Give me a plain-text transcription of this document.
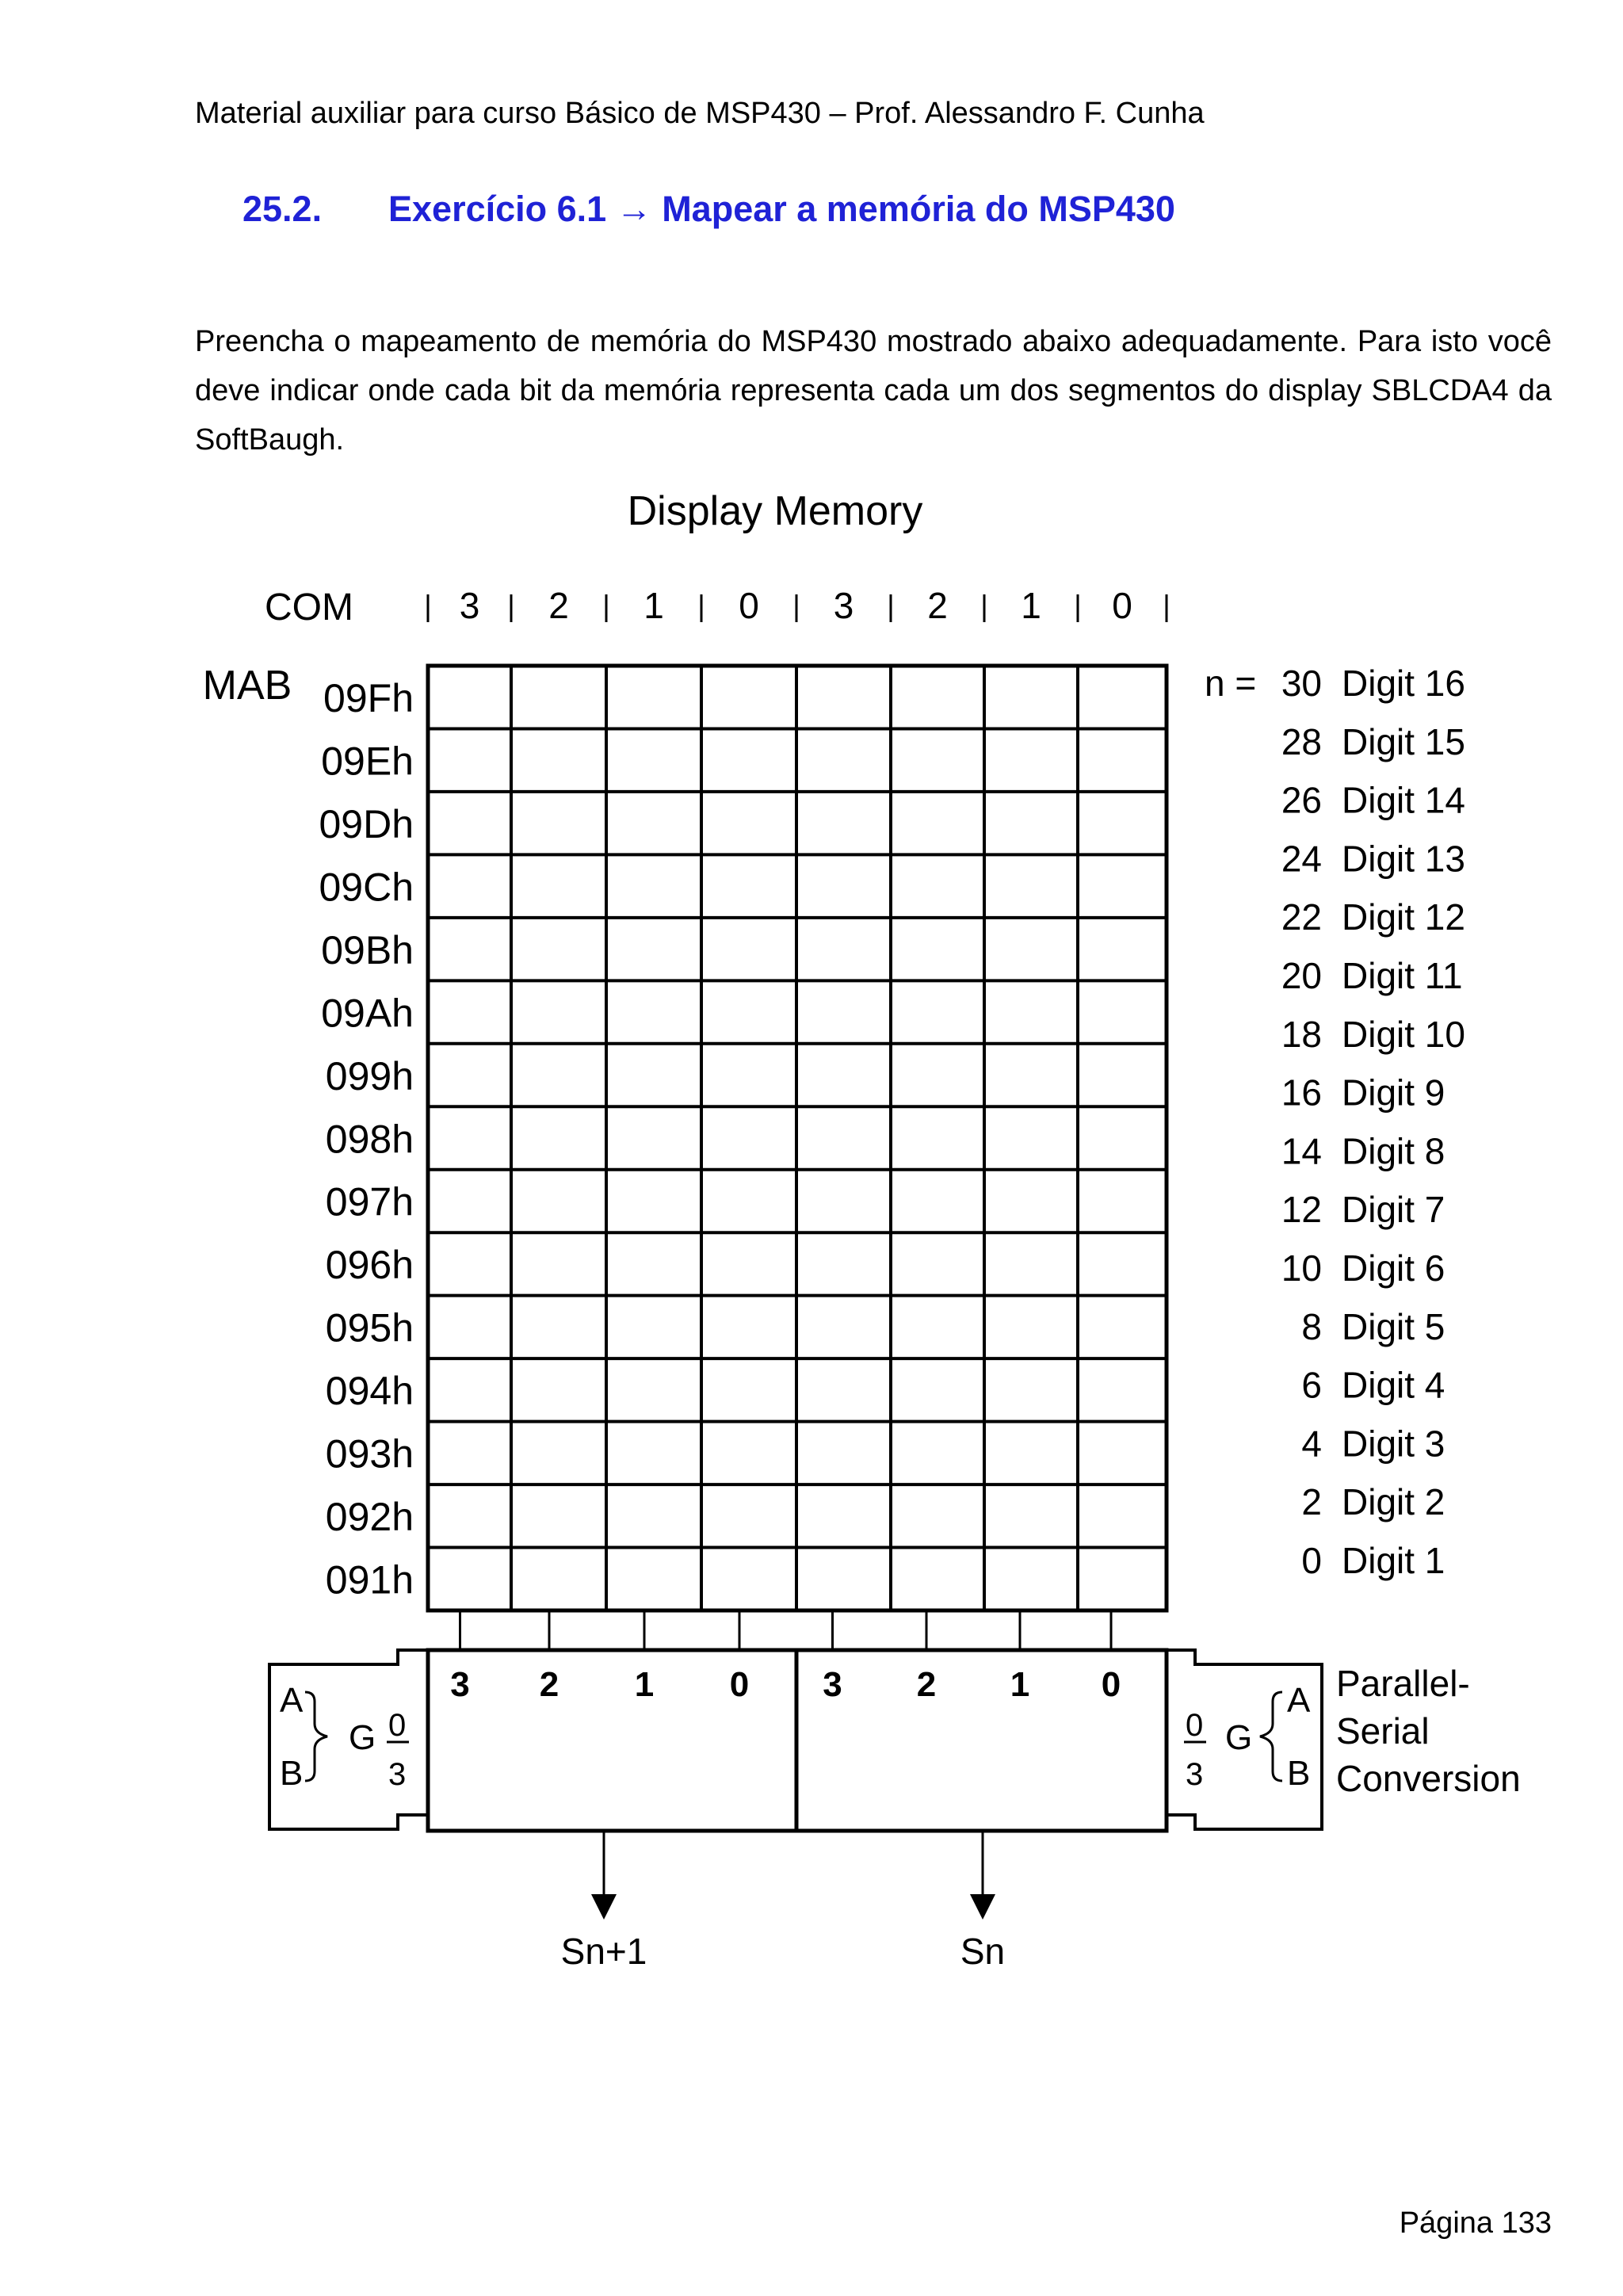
Material auxiliar para curso Básico de MSP430 – Prof. Alessandro F. Cunha
25.2. Exercício 6.1 → Mapear a memória do MSP430

Preencha o mapeamento de memória do MSP430 mostrado abaixo adequadamente. Para isto você deve indicar onde cada bit da memória representa cada um dos segmentos do display SBLCDA4 da SoftBaugh.

Display Memory
COM	3 2 1 0 3 2 1 0
MAB 09Fh
09Eh
09Dh
09Ch
09Bh
09Ah
099h
098h
097h
096h
095h
094h
093h
092h
091h
n = 30 Digit 16
28 Digit 15
26 Digit 14
24 Digit 13
22 Digit 12
20 Digit 11
18 Digit 10
16 Digit 9
14 Digit 8
12 Digit 7
10 Digit 6
8 Digit 5
6 Digit 4
4 Digit 3
2 Digit 2
0 Digit 1
3 2 1 0 3 2 1 0
A
B
G 0
3
A
B
G
0
3
Parallel-
Serial
Conversion
Sn+1	Sn
Página 133
